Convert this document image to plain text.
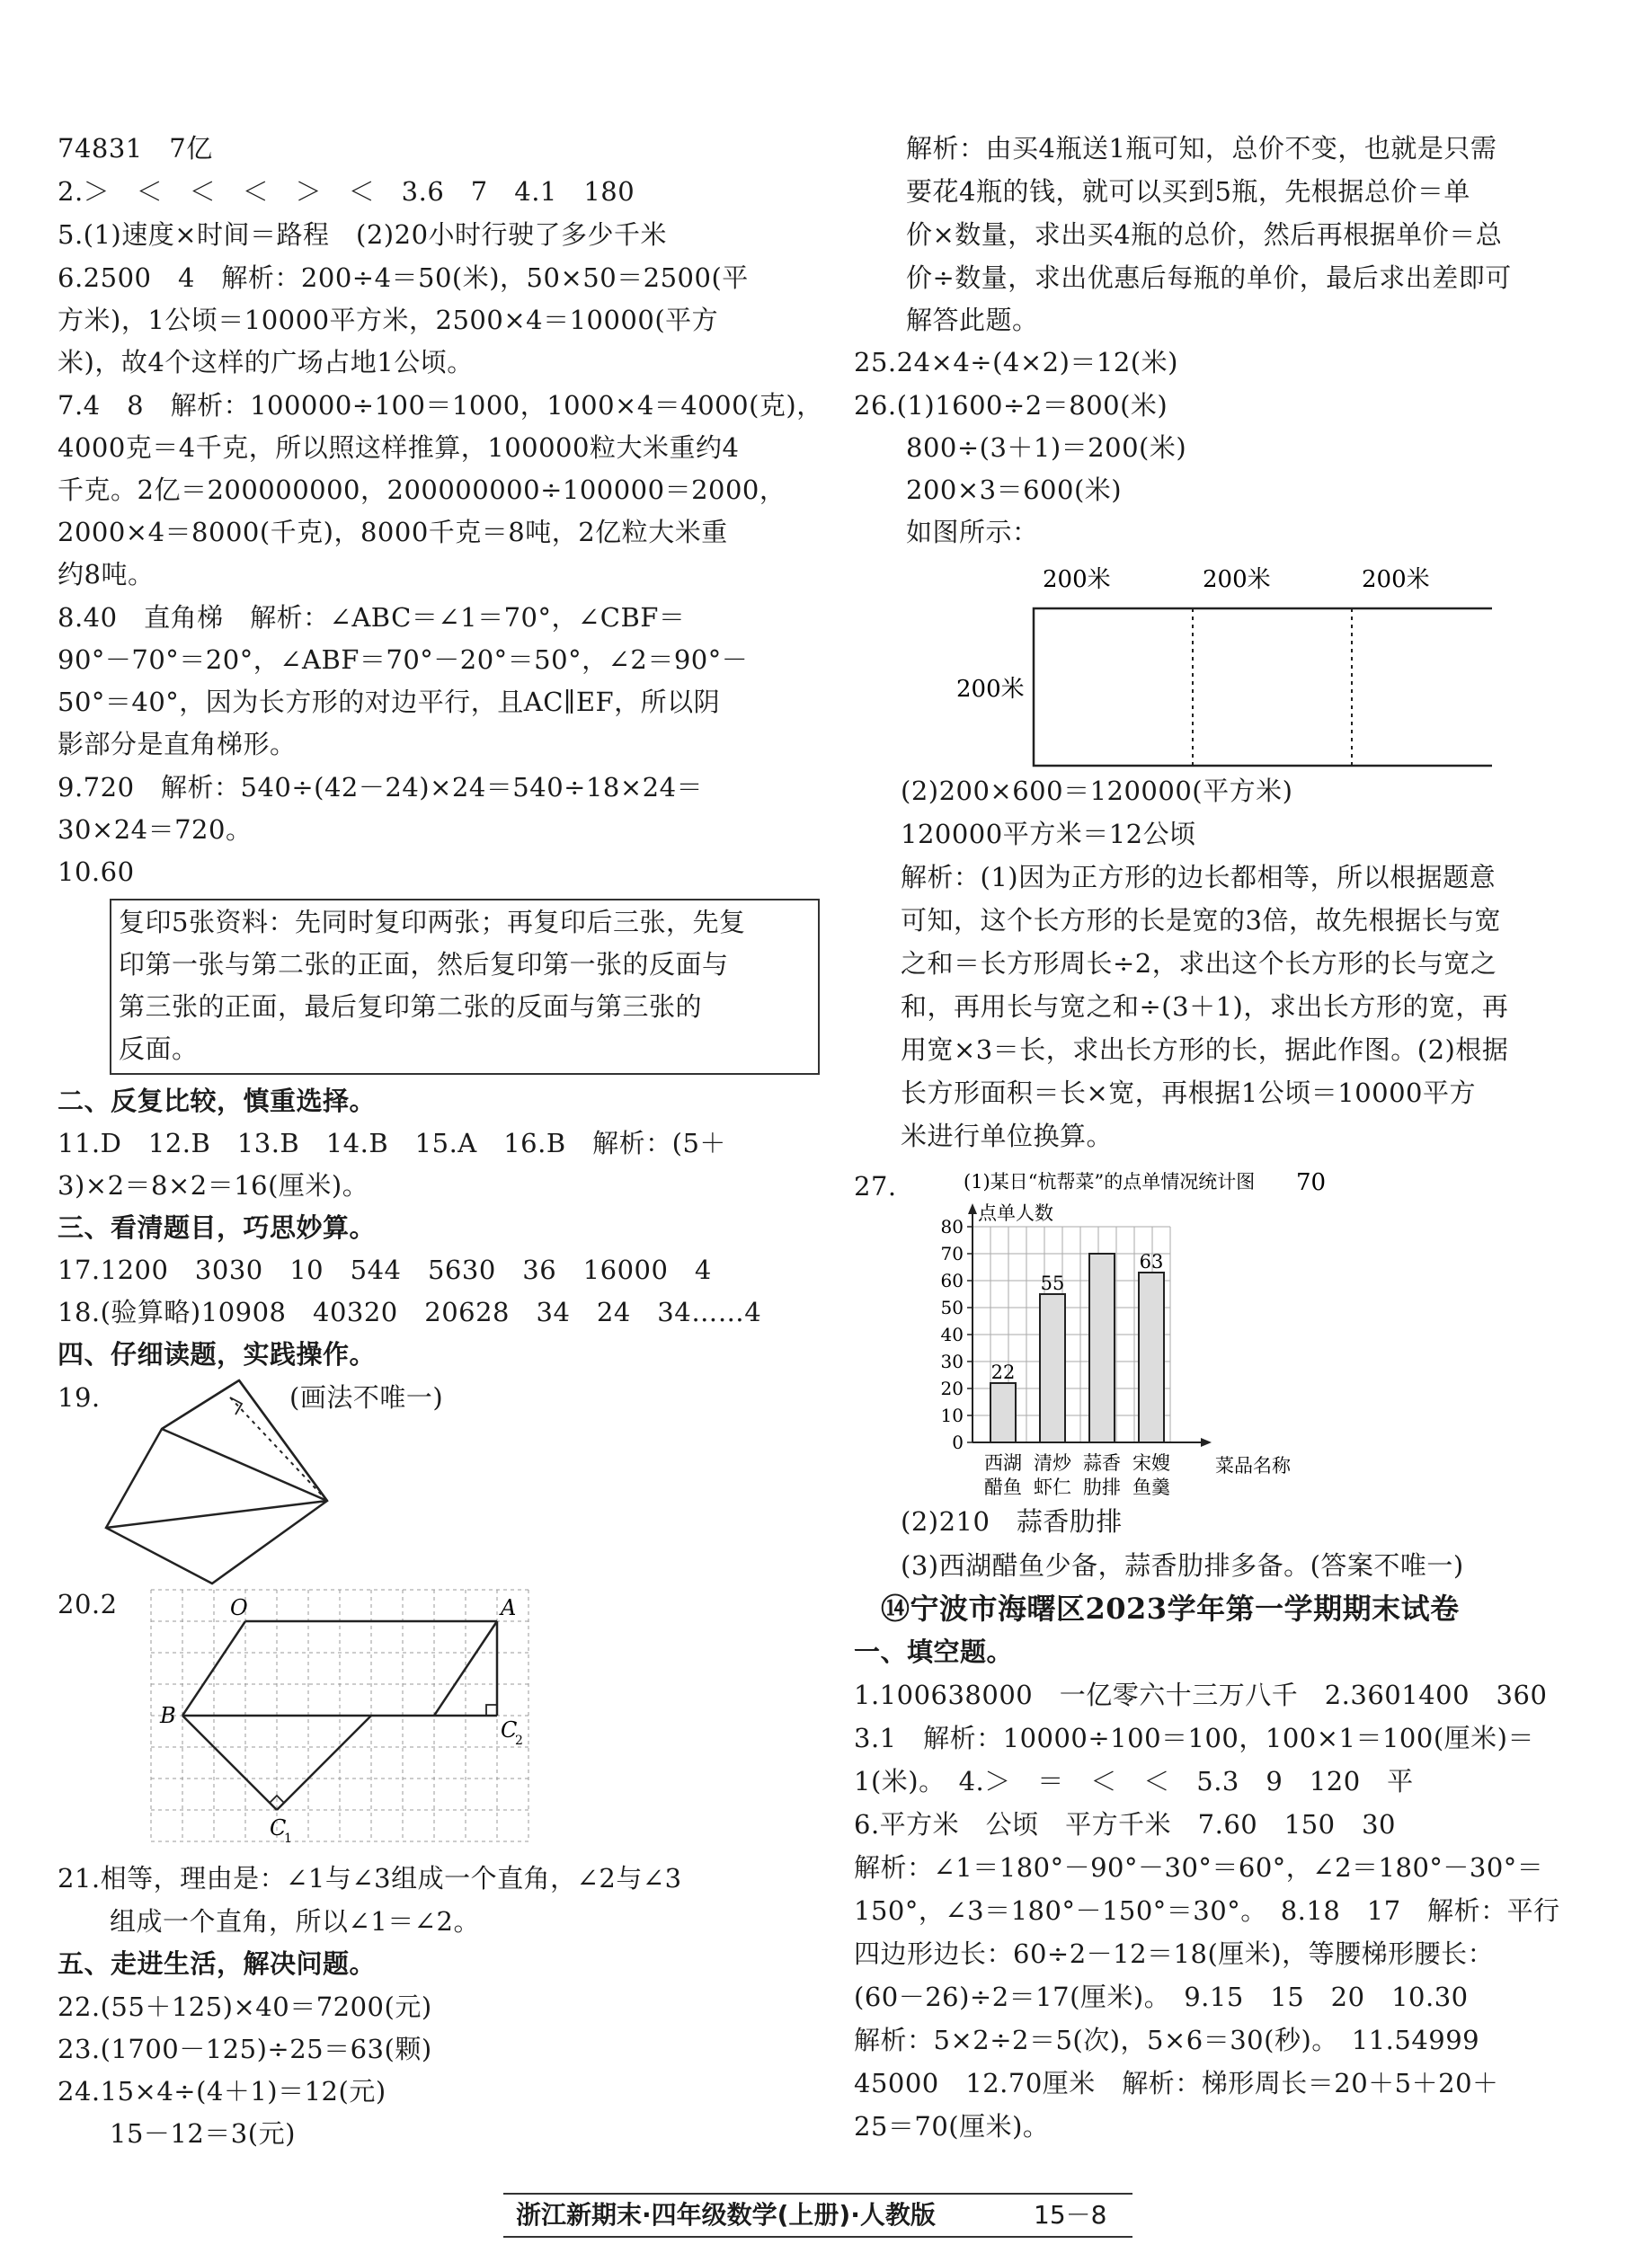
74831　7亿
2.＞　＜　＜　＜　＞　＜　3.6　7　4.1　180
5.(1)速度×时间＝路程　(2)20小时行驶了多少千米
6.2500　4　解析：200÷4＝50(米)，50×50＝2500(平
方米)，1公顷＝10000平方米，2500×4＝10000(平方
米)，故4个这样的广场占地1公顷。
7.4　8　解析：100000÷100＝1000，1000×4＝4000(克)，
4000克＝4千克，所以照这样推算，100000粒大米重约4
千克。2亿＝200000000，200000000÷100000＝2000，
2000×4＝8000(千克)，8000千克＝8吨，2亿粒大米重
约8吨。
8.40　直角梯　解析：∠ABC＝∠1＝70°，∠CBF＝
90°－70°＝20°，∠ABF＝70°－20°＝50°，∠2＝90°－
50°＝40°，因为长方形的对边平行，且AC∥EF，所以阴
影部分是直角梯形。
9.720　解析：540÷(42－24)×24＝540÷18×24＝
30×24＝720。
10.60
复印5张资料：先同时复印两张；再复印后三张，先复
印第一张与第二张的正面，然后复印第一张的反面与
第三张的正面，最后复印第二张的反面与第三张的
反面。
二、反复比较，慎重选择。
11.D　12.B　13.B　14.B　15.A　16.B　解析：(5＋
3)×2＝8×2＝16(厘米)。
三、看清题目，巧思妙算。
17.1200　3030　10　544　5630　36　16000　4
18.(验算略)10908　40320　20628　34　24　34……4
四、仔细读题，实践操作。
19.	(画法不唯一)
20.2	O	A
B
C
2
C
1
21.相等，理由是：∠1与∠3组成一个直角，∠2与∠3
组成一个直角，所以∠1＝∠2。
五、走进生活，解决问题。
22.(55＋125)×40＝7200(元)
23.(1700－125)÷25＝63(颗)
24.15×4÷(4＋1)＝12(元)
15－12＝3(元)
解析：由买4瓶送1瓶可知，总价不变，也就是只需
要花4瓶的钱，就可以买到5瓶，先根据总价＝单
价×数量，求出买4瓶的总价，然后再根据单价＝总
价÷数量，求出优惠后每瓶的单价，最后求出差即可
解答此题。
25.24×4÷(4×2)＝12(米)
26.(1)1600÷2＝800(米)
800÷(3＋1)＝200(米)
200×3＝600(米)
如图所示：
200米	200米	200米
200米
(2)200×600＝120000(平方米)
120000平方米＝12公顷
解析：(1)因为正方形的边长都相等，所以根据题意
可知，这个长方形的长是宽的3倍，故先根据长与宽
之和＝长方形周长÷2，求出这个长方形的长与宽之
和，再用长与宽之和÷(3＋1)，求出长方形的宽，再
用宽×3＝长，求出长方形的长，据此作图。(2)根据
长方形面积＝长×宽，再根据1公顷＝10000平方
米进行单位换算。
27.	(1)某日“杭帮菜”的点单情况统计图 70
0
10
20
30
40
50
60
70
80
点单人数
菜品名称
22
西湖
醋鱼
55
清炒
虾仁
蒜香
肋排
63
宋嫂
鱼羹
(2)210　蒜香肋排
(3)西湖醋鱼少备，蒜香肋排多备。(答案不唯一)
⑭宁波市海曙区2023学年第一学期期末试卷
一、填空题。
1.100638000　一亿零六十三万八千　2.3601400　360
3.1　解析：10000÷100＝100，100×1＝100(厘米)＝
1(米)。　4.＞　＝　＜　＜　5.3　9　120　平
6.平方米　公顷　平方千米　7.60　150　30
解析：∠1＝180°－90°－30°＝60°，∠2＝180°－30°＝
150°，∠3＝180°－150°＝30°。　8.18　17　解析：平行
四边形边长：60÷2－12＝18(厘米)，等腰梯形腰长：
(60－26)÷2＝17(厘米)。　9.15　15　20　10.30
解析：5×2÷2＝5(次)，5×6＝30(秒)。　11.54999
45000　12.70厘米　解析：梯形周长＝20＋5＋20＋
25＝70(厘米)。
浙江新期末·四年级数学(上册)·人教版	15－8
